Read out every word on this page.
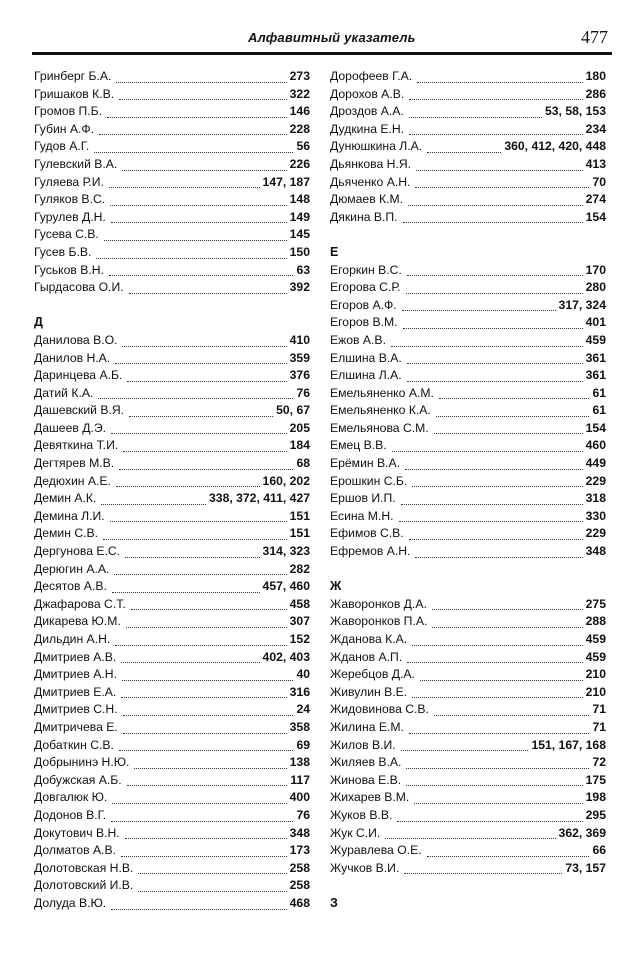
Алфавитный указатель	477
Гринберг Б.А.	273
Гришаков К.В.	322
Громов П.Б.	146
Губин А.Ф.	228
Гудов А.Г.	56
Гулевский В.А.	226
Гуляева Р.И.	147, 187
Гуляков В.С.	148
Гурулев Д.Н.	149
Гусева С.В.	145
Гусев Б.В.	150
Гуськов В.Н.	63
Гырдасова О.И.	392
Д
Данилова В.О.	410
Данилов Н.А.	359
Даринцева А.Б.	376
Датий К.А.	76
Дашевский В.Я.	50, 67
Дашеев Д.Э.	205
Девяткина Т.И.	184
Дегтярев М.В.	68
Дедюхин А.Е.	160, 202
Демин А.К.	338, 372, 411, 427
Демина Л.И.	151
Демин С.В.	151
Дергунова Е.С.	314, 323
Дерюгин А.А.	282
Десятов А.В.	457, 460
Джафарова С.Т.	458
Дикарева Ю.М.	307
Дильдин А.Н.	152
Дмитриев А.В.	402, 403
Дмитриев А.Н.	40
Дмитриев Е.А.	316
Дмитриев С.Н.	24
Дмитричева Е.	358
Добаткин С.В.	69
Добрынинэ Н.Ю.	138
Добужская А.Б.	117
Довгалюк Ю.	400
Додонов В.Г.	76
Докутович В.Н.	348
Долматов А.В.	173
Долотовская Н.В.	258
Долотовский И.В.	258
Долуда В.Ю.	468
Дорофеев Г.А.	180
Дорохов А.В.	286
Дроздов А.А.	53, 58, 153
Дудкина Е.Н.	234
Дунюшкина Л.А.	360, 412, 420, 448
Дьянкова Н.Я.	413
Дьяченко А.Н.	70
Дюмаев К.М.	274
Дякина В.П.	154
Е
Егоркин В.С.	170
Егорова С.Р.	280
Егоров А.Ф.	317, 324
Егоров В.М.	401
Ежов А.В.	459
Елшина В.А.	361
Елшина Л.А.	361
Емельяненко А.М.	61
Емельяненко К.А.	61
Емельянова С.М.	154
Емец В.В.	460
Ерёмин В.А.	449
Ерошкин С.Б.	229
Ершов И.П.	318
Есина М.Н.	330
Ефимов С.В.	229
Ефремов А.Н.	348
Ж
Жаворонков Д.А.	275
Жаворонков П.А.	288
Жданова К.А.	459
Жданов А.П.	459
Жеребцов Д.А.	210
Живулин В.Е.	210
Жидовинова С.В.	71
Жилина Е.М.	71
Жилов В.И.	151, 167, 168
Жиляев В.А.	72
Жинова Е.В.	175
Жихарев В.М.	198
Жуков В.В.	295
Жук С.И.	362, 369
Журавлева О.Е.	66
Жучков В.И.	73, 157
З
